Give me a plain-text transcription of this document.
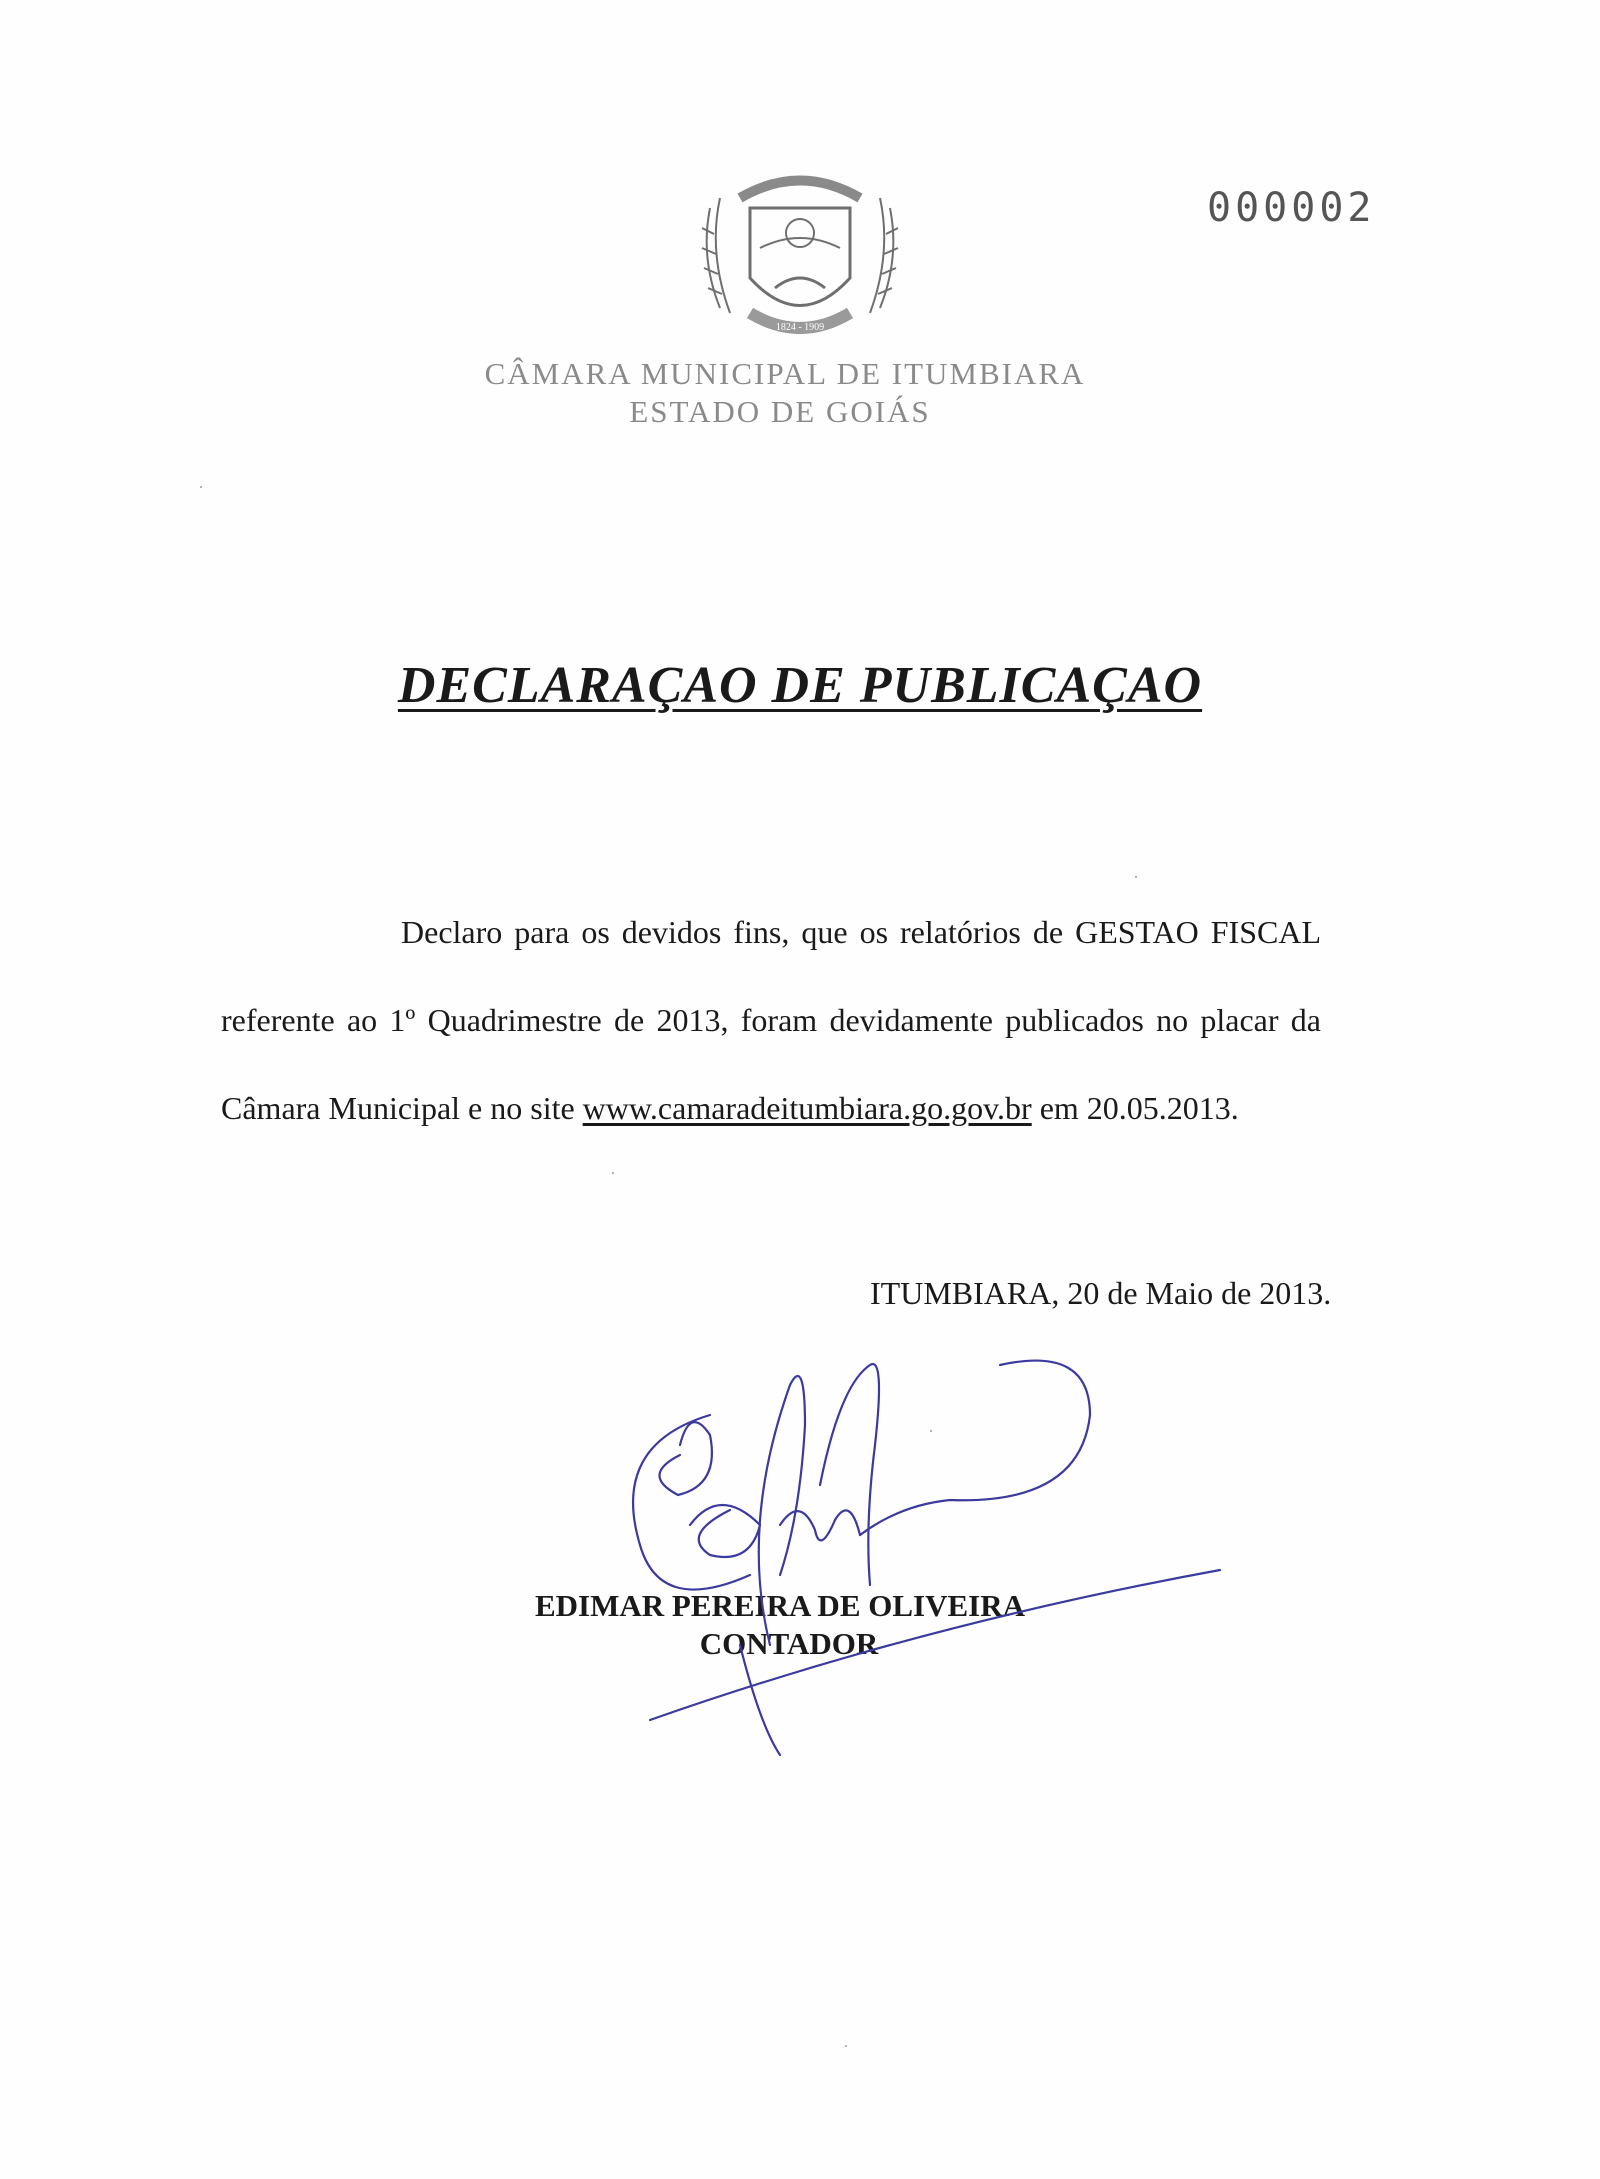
ITUMBIARA
1824 - 1909
CÂMARA MUNICIPAL DE ITUMBIARA
ESTADO DE GOIÁS
000002
DECLARAÇAO DE PUBLICAÇAO
Declaro para os devidos fins, que os relatórios de GESTAO FISCAL
referente ao 1º Quadrimestre de 2013, foram devidamente publicados no placar da
Câmara Municipal e no site www.camaradeitumbiara.go.gov.br em 20.05.2013.
ITUMBIARA, 20 de Maio de 2013.
EDIMAR PEREIRA DE OLIVEIRA
CONTADOR
